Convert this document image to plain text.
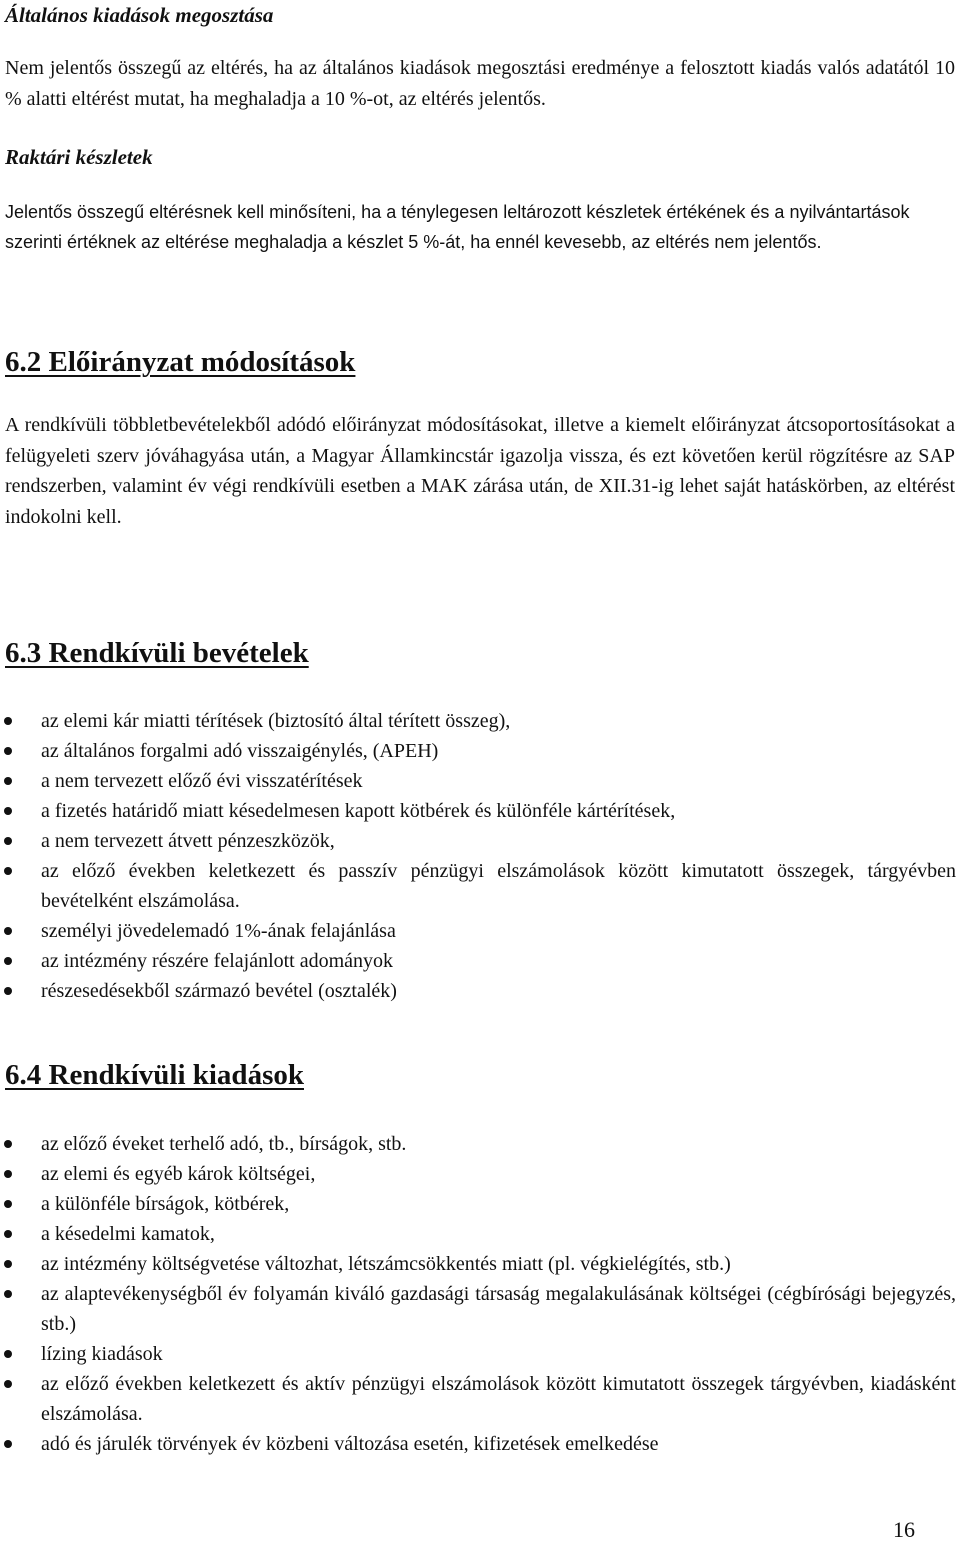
Általános kiadások megosztása
Nem jelentős összegű az eltérés, ha az általános kiadások megosztási eredménye a felosztott kiadás valós adatától 10 % alatti eltérést mutat, ha meghaladja a 10 %-ot, az eltérés jelentős.
Raktári készletek
Jelentős összegű eltérésnek kell minősíteni, ha a ténylegesen leltározott készletek értékének és a nyilvántartások szerinti értéknek az eltérése meghaladja a készlet 5 %-át, ha ennél kevesebb, az eltérés nem jelentős.
6.2 Előirányzat módosítások
A rendkívüli többletbevételekből adódó előirányzat módosításokat, illetve a kiemelt előirányzat átcsoportosításokat a felügyeleti szerv jóváhagyása után, a Magyar Államkincstár igazolja vissza, és ezt követően kerül rögzítésre az SAP rendszerben, valamint év végi rendkívüli esetben a MAK zárása után, de XII.31-ig lehet saját hatáskörben, az eltérést indokolni kell.
6.3 Rendkívüli bevételek
az elemi kár miatti térítések (biztosító által térített összeg),
az általános forgalmi adó visszaigénylés, (APEH)
a nem tervezett előző évi visszatérítések
a fizetés határidő miatt késedelmesen kapott kötbérek és különféle kártérítések,
a nem tervezett átvett pénzeszközök,
az előző években keletkezett és passzív pénzügyi elszámolások között kimutatott összegek, tárgyévben bevételként elszámolása.
személyi jövedelemadó 1%-ának felajánlása
az intézmény részére felajánlott adományok
részesedésekből származó bevétel (osztalék)
6.4 Rendkívüli kiadások
az előző éveket terhelő adó, tb., bírságok, stb.
az elemi és egyéb károk költségei,
a különféle bírságok, kötbérek,
a késedelmi kamatok,
az intézmény költségvetése változhat, létszámcsökkentés miatt (pl. végkielégítés, stb.)
az alaptevékenységből év folyamán kiváló gazdasági társaság megalakulásának költségei (cégbírósági bejegyzés, stb.)
lízing kiadások
az előző években keletkezett és aktív pénzügyi elszámolások között kimutatott összegek tárgyévben, kiadásként elszámolása.
adó és járulék törvények év közbeni változása esetén, kifizetések emelkedése
16
